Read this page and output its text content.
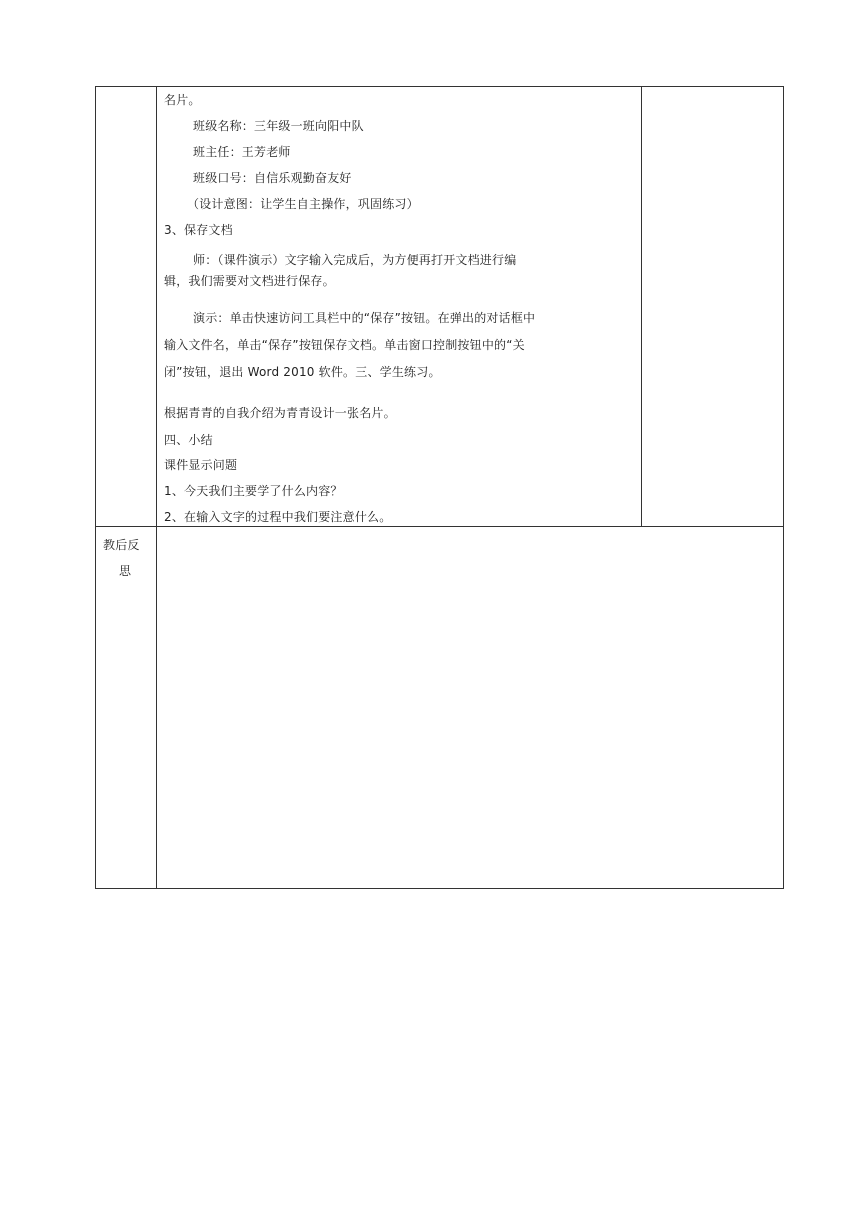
名片。
班级名称：三年级一班向阳中队
班主任：王芳老师
班级口号：自信乐观勤奋友好
（设计意图：让学生自主操作，巩固练习）
3、保存文档
师：（课件演示）文字输入完成后，为方便再打开文档进行编
辑，我们需要对文档进行保存。
演示：单击快速访问工具栏中的“保存”按钮。在弹出的对话框中
输入文件名，单击“保存”按钮保存文档。单击窗口控制按钮中的“关
闭”按钮，退出 Word 2010 软件。三、学生练习。
根据青青的自我介绍为青青设计一张名片。
四、小结
课件显示问题
1、今天我们主要学了什么内容？
2、在输入文字的过程中我们要注意什么。
教后反
思
